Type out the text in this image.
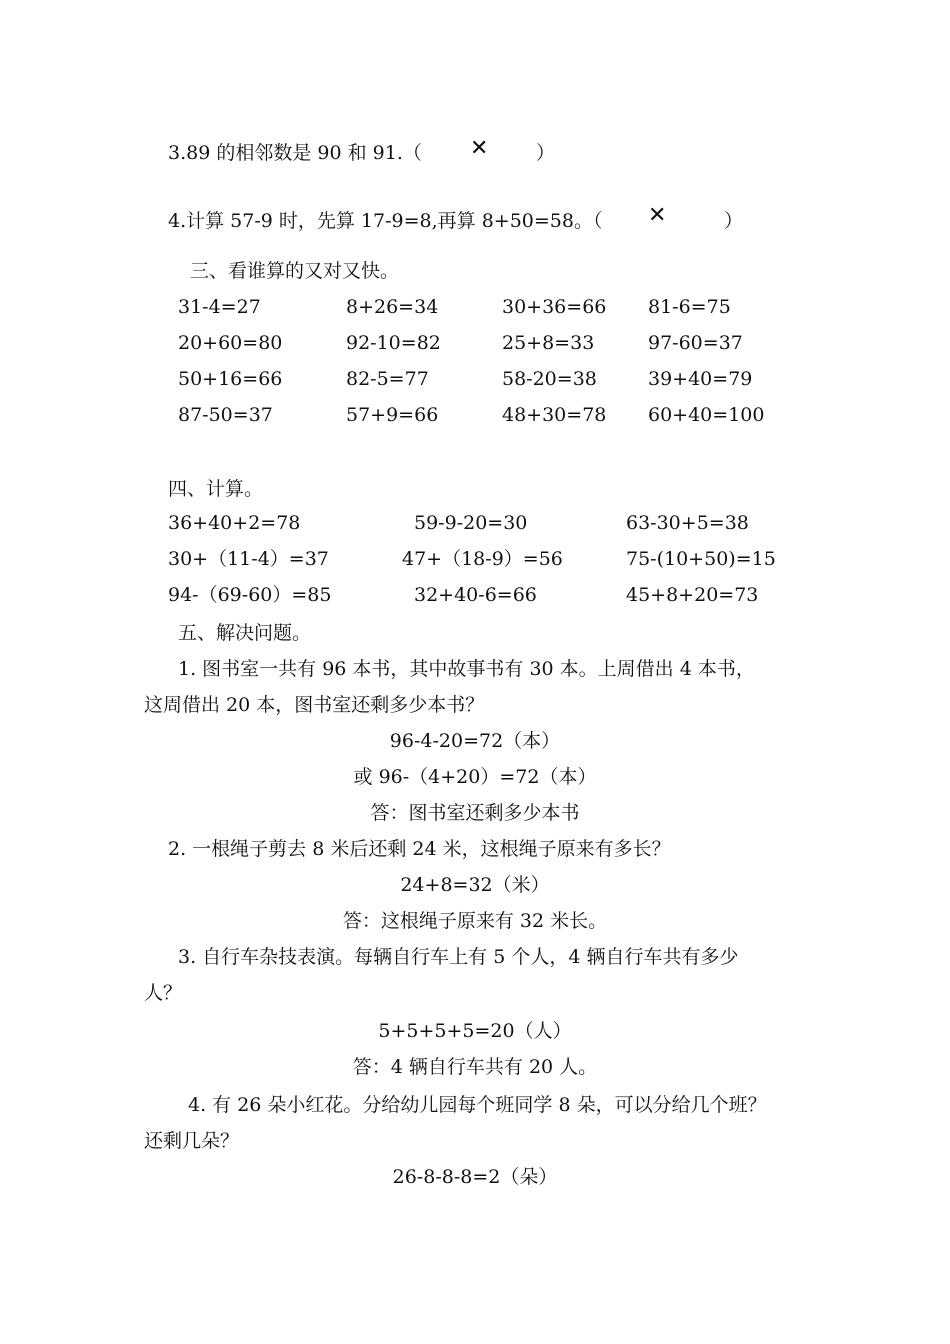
3.89 的相邻数是 90 和 91.（ ✕	）
4.计算 57-9 时，先算 17-9=8,再算 8+50=58。（ ✕	）
三、看谁算的又对又快。
31-4=27	8+26=34	30+36=66 81-6=75
20+60=80	92-10=82	25+8=33	97-60=37
50+16=66	82-5=77	58-20=38	39+40=79
87-50=37	57+9=66	48+30=78 60+40=100
四、计算。
36+40+2=78	59-9-20=30	63-30+5=38
30+（11-4）=37	47+（18-9）=56	75-(10+50)=15
94-（69-60）=85	32+40-6=66	45+8+20=73
五、解决问题。
1. 图书室一共有 96 本书，其中故事书有 30 本。上周借出 4 本书，
这周借出 20 本，图书室还剩多少本书？
96-4-20=72（本）
或 96-（4+20）=72（本）
答：图书室还剩多少本书
2. 一根绳子剪去 8 米后还剩 24 米，这根绳子原来有多长？
24+8=32（米）
答：这根绳子原来有 32 米长。
3. 自行车杂技表演。每辆自行车上有 5 个人，4 辆自行车共有多少
人？
5+5+5+5=20（人）
答：4 辆自行车共有 20 人。
4. 有 26 朵小红花。分给幼儿园每个班同学 8 朵，可以分给几个班？
还剩几朵？
26-8-8-8=2（朵）
